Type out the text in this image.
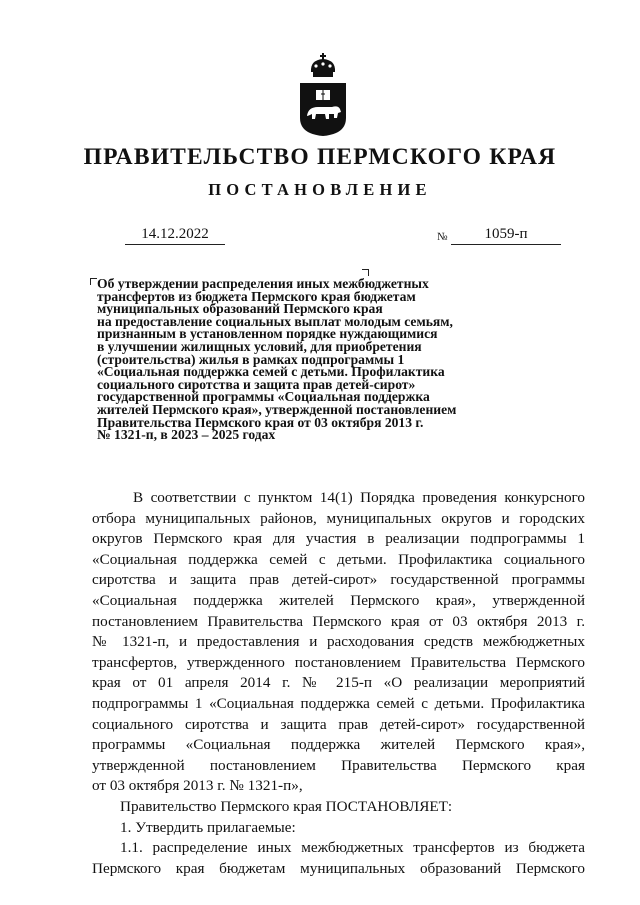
ПРАВИТЕЛЬСТВО ПЕРМСКОГО КРАЯ
ПОСТАНОВЛЕНИЕ
14.12.2022	№	1059-п
Об утверждении распределения иных межбюджетных
трансфертов из бюджета Пермского края бюджетам
муниципальных образований Пермского края
на предоставление социальных выплат молодым семьям,
признанным в установленном порядке нуждающимися
в улучшении жилищных условий, для приобретения
(строительства) жилья в рамках подпрограммы 1
«Социальная поддержка семей с детьми. Профилактика
социального сиротства и защита прав детей-сирот»
государственной программы «Социальная поддержка
жителей Пермского края», утвержденной постановлением
Правительства Пермского края от 03 октября 2013 г.
№ 1321-п, в 2023 – 2025 годах
В соответствии с пунктом 14(1) Порядка проведения конкурсного
отбора муниципальных районов, муниципальных округов и городских
округов Пермского края для участия в реализации подпрограммы 1
«Социальная поддержка семей с детьми. Профилактика социального
сиротства и защита прав детей-сирот» государственной программы
«Социальная поддержка жителей Пермского края», утвержденной
постановлением Правительства Пермского края от 03 октября 2013 г.
№ 1321-п, и предоставления и расходования средств межбюджетных
трансфертов, утвержденного постановлением Правительства Пермского
края от 01 апреля 2014 г. № 215-п «О реализации мероприятий
подпрограммы 1 «Социальная поддержка семей с детьми. Профилактика
социального сиротства и защита прав детей-сирот» государственной
программы «Социальная поддержка жителей Пермского края»,
утвержденной постановлением Правительства Пермского края
от 03 октября 2013 г. № 1321-п»,
Правительство Пермского края ПОСТАНОВЛЯЕТ:
1. Утвердить прилагаемые:
1.1. распределение иных межбюджетных трансфертов из бюджета
Пермского края бюджетам муниципальных образований Пермского
